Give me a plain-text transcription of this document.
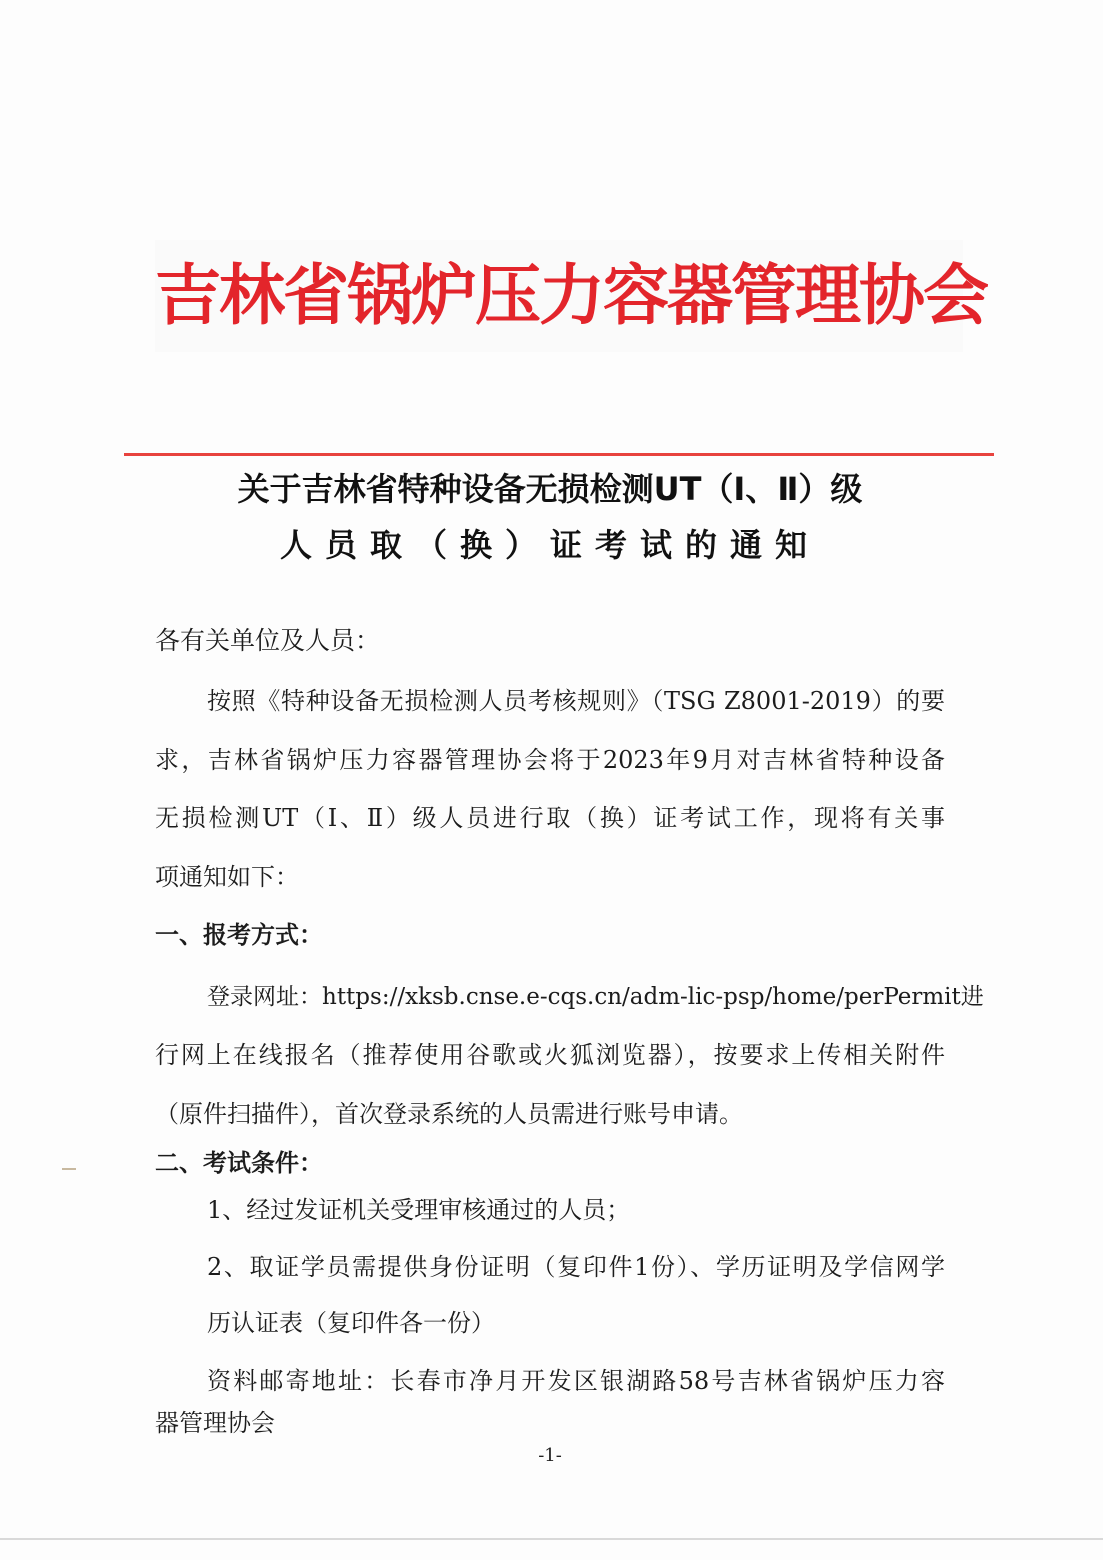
吉林省锅炉压力容器管理协会
关于吉林省特种设备无损检测UT（Ⅰ、Ⅱ）级
人员取（换）证考试的通知
各有关单位及人员：
按照《特种设备无损检测人员考核规则》（TSG Z8001-2019）的要
求，吉林省锅炉压力容器管理协会将于2023年9月对吉林省特种设备
无损检测UT（Ⅰ、Ⅱ）级人员进行取（换）证考试工作，现将有关事
项通知如下：
一、报考方式：
登录网址：https://xksb.cnse.e-cqs.cn/adm-lic-psp/home/perPermit进
行网上在线报名（推荐使用谷歌或火狐浏览器），按要求上传相关附件
（原件扫描件），首次登录系统的人员需进行账号申请。
二、考试条件：
1、经过发证机关受理审核通过的人员；
2、取证学员需提供身份证明（复印件1份）、学历证明及学信网学
历认证表（复印件各一份）
资料邮寄地址：长春市净月开发区银湖路58号吉林省锅炉压力容
器管理协会
-1-
